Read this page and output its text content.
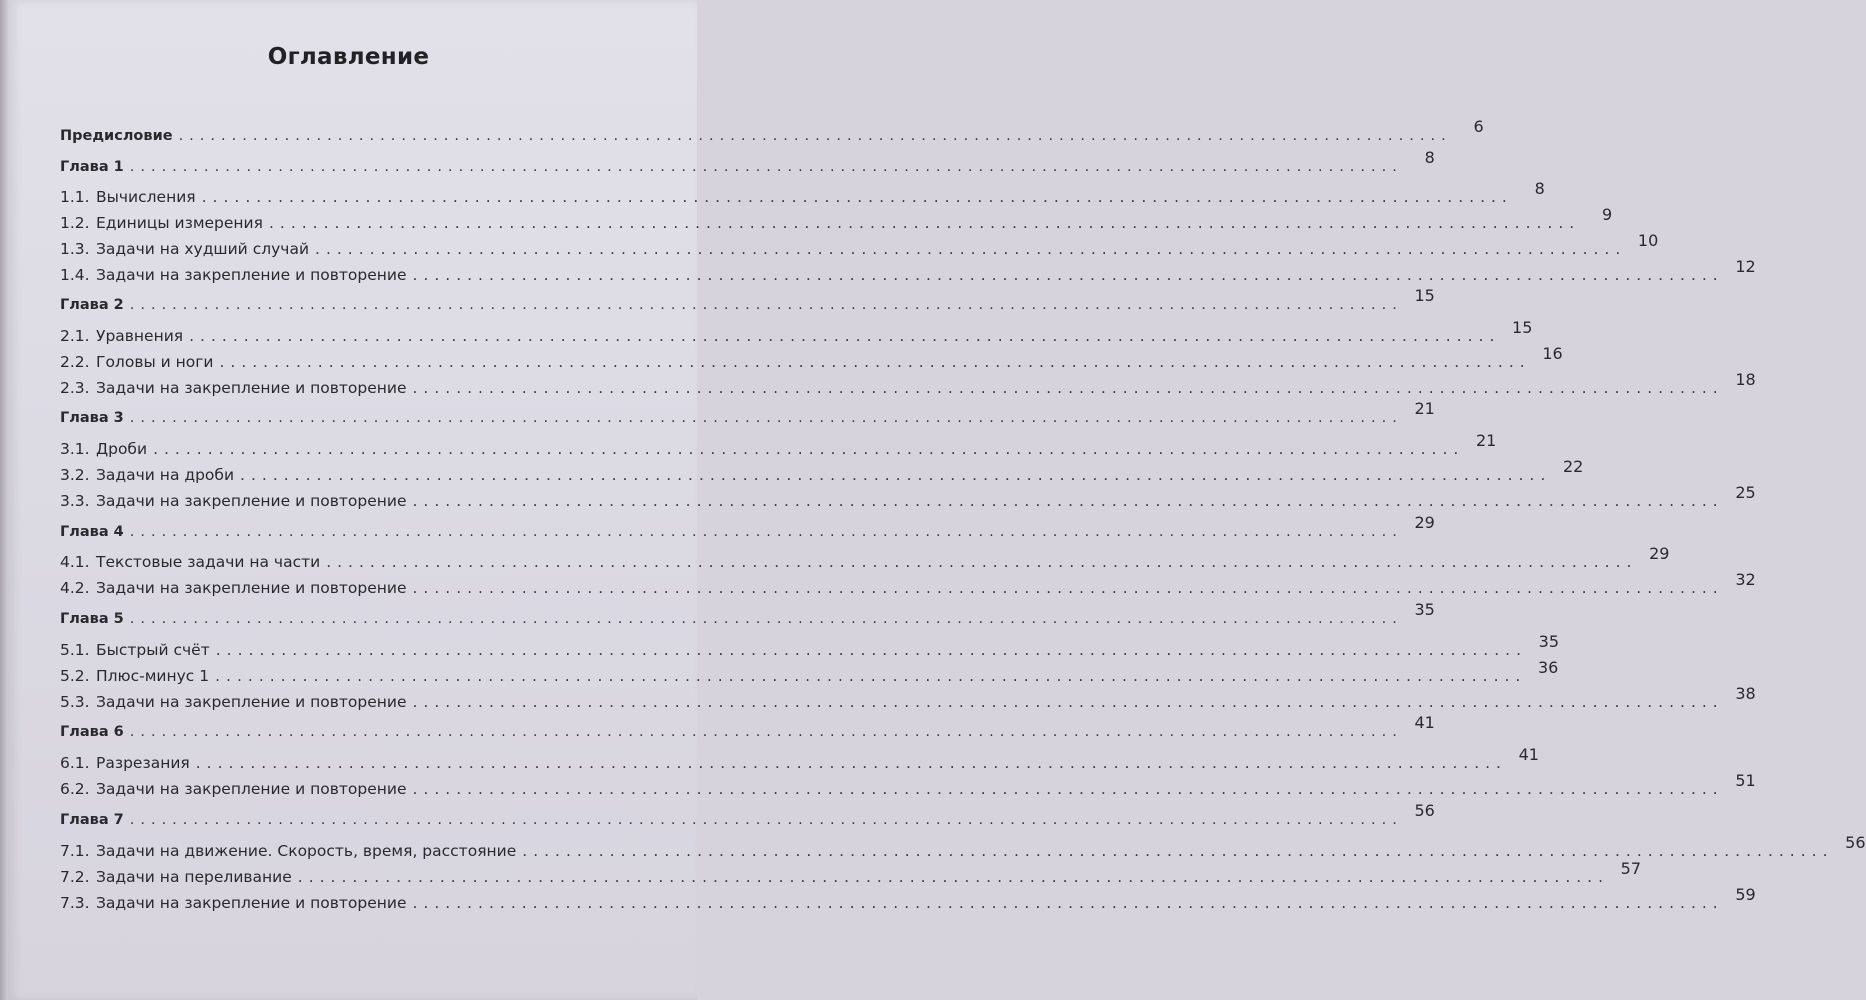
Оглавление
Предисловие ........................................................................................................................	6
Глава 1 ........................................................................................................................	8
1.1. Вычисления ........................................................................................................................	8
1.2. Единицы измерения ........................................................................................................................	9
1.3. Задачи на худший случай ........................................................................................................................ 10
1.4. Задачи на закрепление и повторение ........................................................................................................................ 12
Глава 2 ........................................................................................................................ 15
2.1. Уравнения ........................................................................................................................ 15
2.2. Головы и ноги ........................................................................................................................ 16
2.3. Задачи на закрепление и повторение ........................................................................................................................ 18
Глава 3 ........................................................................................................................ 21
3.1. Дроби ........................................................................................................................ 21
3.2. Задачи на дроби ........................................................................................................................ 22
3.3. Задачи на закрепление и повторение ........................................................................................................................ 25
Глава 4 ........................................................................................................................ 29
4.1. Текстовые задачи на части ........................................................................................................................ 29
4.2. Задачи на закрепление и повторение ........................................................................................................................ 32
Глава 5 ........................................................................................................................ 35
5.1. Быстрый счёт ........................................................................................................................ 35
5.2. Плюс-минус 1 ........................................................................................................................ 36
5.3. Задачи на закрепление и повторение ........................................................................................................................ 38
Глава 6 ........................................................................................................................ 41
6.1. Разрезания ........................................................................................................................ 41
6.2. Задачи на закрепление и повторение ........................................................................................................................ 51
Глава 7 ........................................................................................................................ 56
7.1. Задачи на движение. Скорость, время, расстояние ........................................................................................................................ 56
7.2. Задачи на переливание ........................................................................................................................ 57
7.3. Задачи на закрепление и повторение ........................................................................................................................ 59
